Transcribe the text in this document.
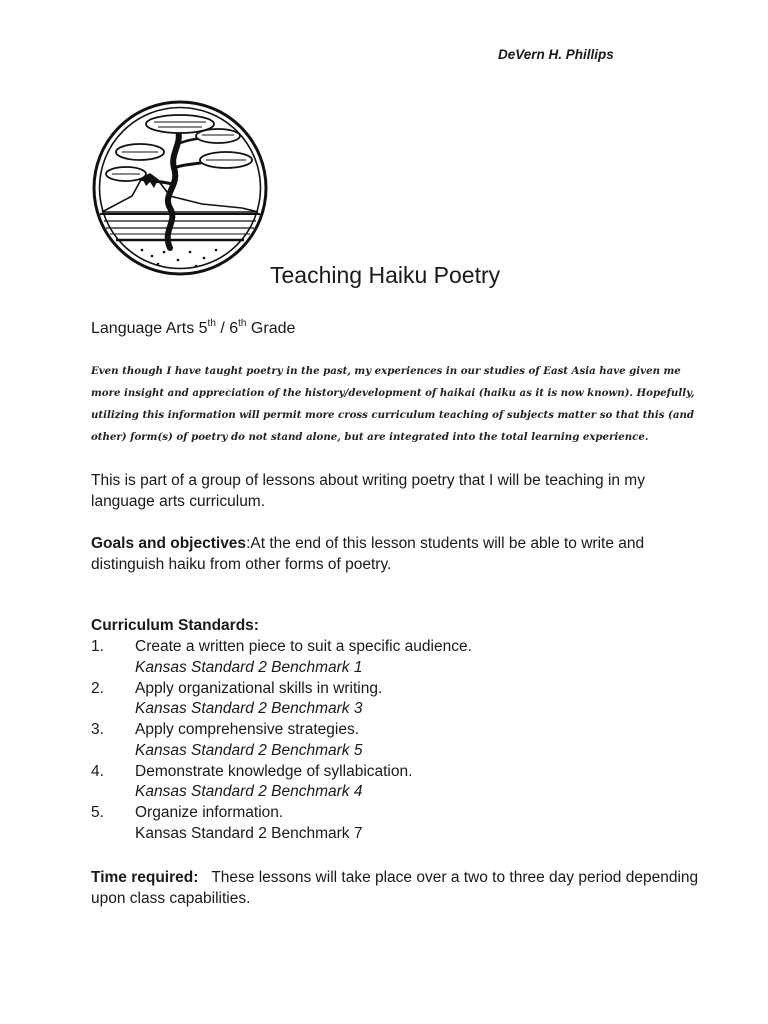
DeVern H. Phillips
Teaching Haiku Poetry
Language Arts 5th / 6th Grade
Even though I have taught poetry in the past, my experiences in our studies of East Asia have given me more insight and appreciation of the history/development of haikai (haiku as it is now known). Hopefully, utilizing this information will permit more cross curriculum teaching of subjects matter so that this (and other) form(s) of poetry do not stand alone, but are integrated into the total learning experience.

This is part of a group of lessons about writing poetry that I will be teaching in my language arts curriculum.

Goals and objectives:At the end of this lesson students will be able to write and distinguish haiku from other forms of poetry.

Curriculum Standards:
1. Create a written piece to suit a specific audience.
Kansas Standard 2 Benchmark 1
2. Apply organizational skills in writing.
Kansas Standard 2 Benchmark 3
3. Apply comprehensive strategies.
Kansas Standard 2 Benchmark 5
4. Demonstrate knowledge of syllabication.
Kansas Standard 2 Benchmark 4
5. Organize information.
Kansas Standard 2 Benchmark 7

Time required: These lessons will take place over a two to three day period depending upon class capabilities.
